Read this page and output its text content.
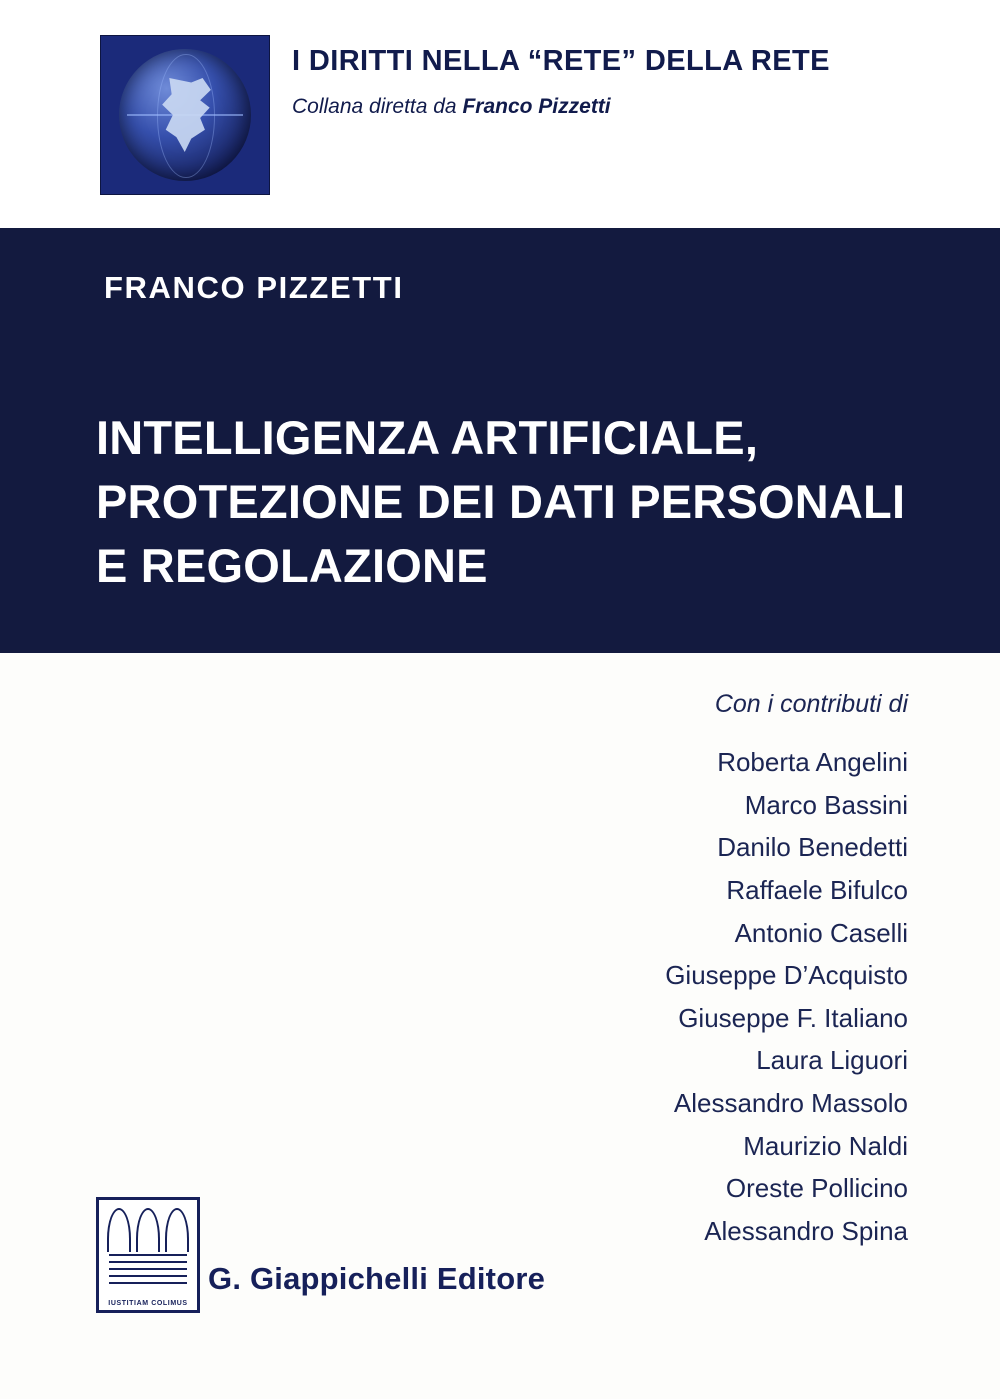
I DIRITTI NELLA “RETE” DELLA RETE
Collana diretta da Franco Pizzetti
FRANCO PIZZETTI
INTELLIGENZA ARTIFICIALE,
PROTEZIONE DEI DATI PERSONALI
E REGOLAZIONE
Con i contributi di
Roberta Angelini
Marco Bassini
Danilo Benedetti
Raffaele Bifulco
Antonio Caselli
Giuseppe D’Acquisto
Giuseppe F. Italiano
Laura Liguori
Alessandro Massolo
Maurizio Naldi
Oreste Pollicino
Alessandro Spina
IUSTITIAM COLIMUS
G. Giappichelli Editore
